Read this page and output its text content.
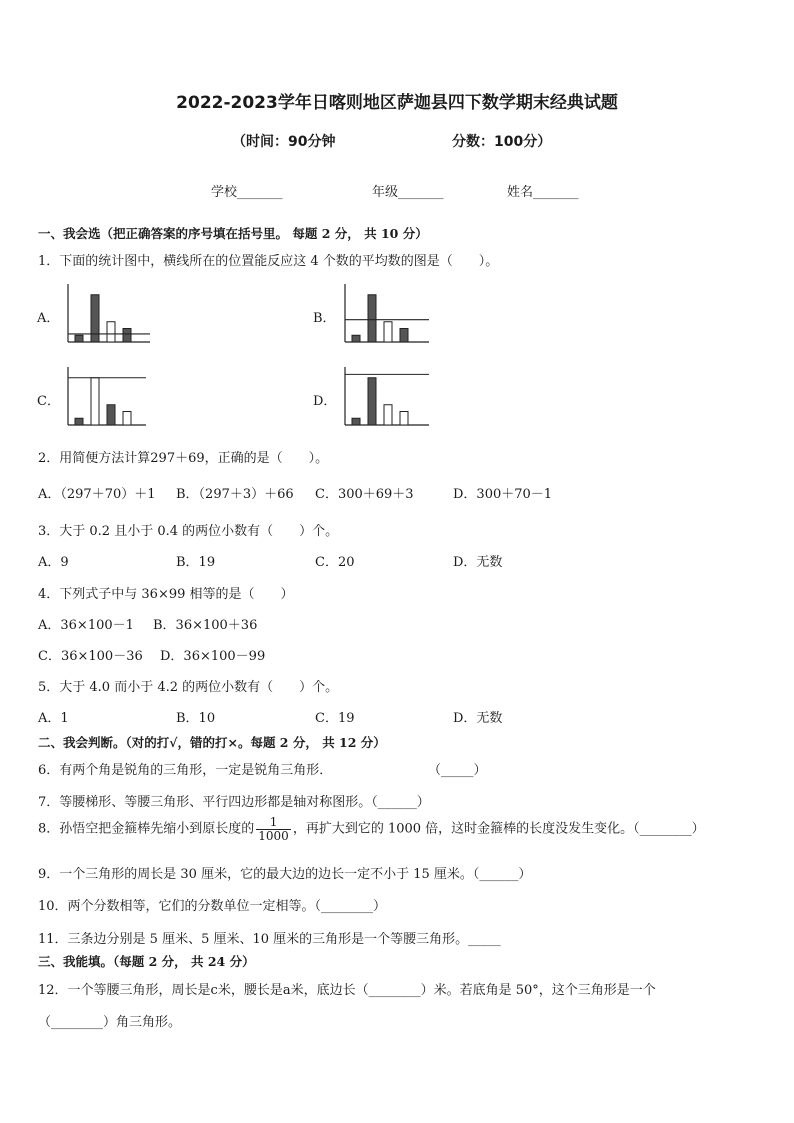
2022-2023学年日喀则地区萨迦县四下数学期末经典试题
（时间：90分钟	分数：100分）
学校_______	年级_______	姓名_______
一、我会选（把正确答案的序号填在括号里。 每题 2 分， 共 10 分）
1．下面的统计图中，横线所在的位置能反应这 4 个数的平均数的图是（　　）。
A．	B．
C．	D．
2．用简便方法计算297＋69，正确的是（　　）。
A．（297＋70）＋1 B．（297＋3）＋66 C．300＋69＋3	D．300＋70－1
3．大于 0.2 且小于 0.4 的两位小数有（　　）个。
A．9	B．19	C．20	D．无数
4．下列式子中与 36×99 相等的是（　　）
A．36×100－1 B．36×100＋36
C．36×100－36 D．36×100－99
5．大于 4.0 而小于 4.2 的两位小数有（　　）个。
A．1	B．10	C．19	D．无数
二、我会判断。（对的打√，错的打×。每题 2 分， 共 12 分）
6．有两个角是锐角的三角形，一定是锐角三角形．	（_____）
7．等腰梯形、等腰三角形、平行四边形都是轴对称图形。（______）
8．孙悟空把金箍棒先缩小到原长度的 $\frac{1}{1000}$ ，再扩大到它的 1000 倍，这时金箍棒的长度没发生变化。（________）
9．一个三角形的周长是 30 厘米，它的最大边的边长一定不小于 15 厘米。（______）
10．两个分数相等，它们的分数单位一定相等。（________）
11．三条边分别是 5 厘米、5 厘米、10 厘米的三角形是一个等腰三角形。_____
三、我能填。（每题 2 分， 共 24 分）
12．一个等腰三角形，周长是c米，腰长是a米，底边长（________）米。若底角是 50°，这个三角形是一个
（________）角三角形。
